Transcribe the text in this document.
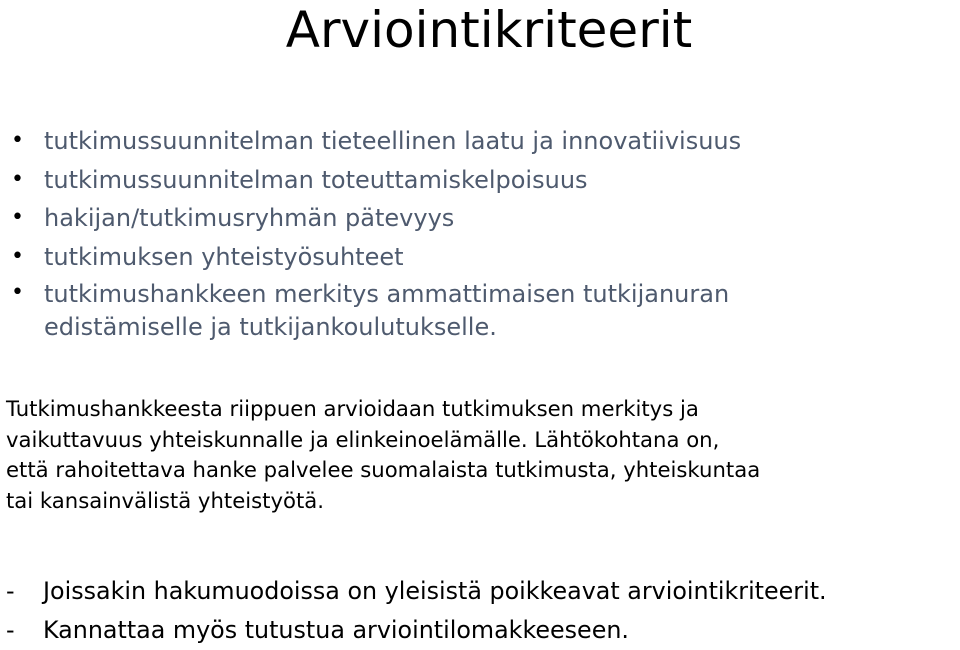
Arviointikriteerit
• tutkimussuunnitelman tieteellinen laatu ja innovatiivisuus
• tutkimussuunnitelman toteuttamiskelpoisuus
• hakijan/tutkimusryhmän pätevyys
• tutkimuksen yhteistyösuhteet
• tutkimushankkeen merkitys ammattimaisen tutkijanuran
edistämiselle ja tutkijankoulutukselle.

Tutkimushankkeesta riippuen arvioidaan tutkimuksen merkitys ja
vaikuttavuus yhteiskunnalle ja elinkeinoelämälle. Lähtökohtana on,
että rahoitettava hanke palvelee suomalaista tutkimusta, yhteiskuntaa
tai kansainvälistä yhteistyötä.

- Joissakin hakumuodoissa on yleisistä poikkeavat arviointikriteerit.
- Kannattaa myös tutustua arviointilomakkeeseen.
